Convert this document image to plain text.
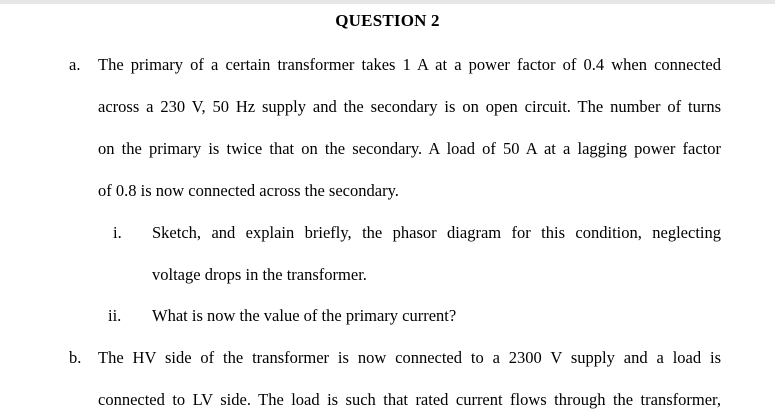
QUESTION 2
a. The primary of a certain transformer takes 1 A at a power factor of 0.4 when connected
across a 230 V, 50 Hz supply and the secondary is on open circuit. The number of turns
on the primary is twice that on the secondary. A load of 50 A at a lagging power factor
of 0.8 is now connected across the secondary.
i. Sketch, and explain briefly, the phasor diagram for this condition, neglecting
voltage drops in the transformer.
ii. What is now the value of the primary current?
b. The HV side of the transformer is now connected to a 2300 V supply and a load is
connected to LV side. The load is such that rated current flows through the transformer,
